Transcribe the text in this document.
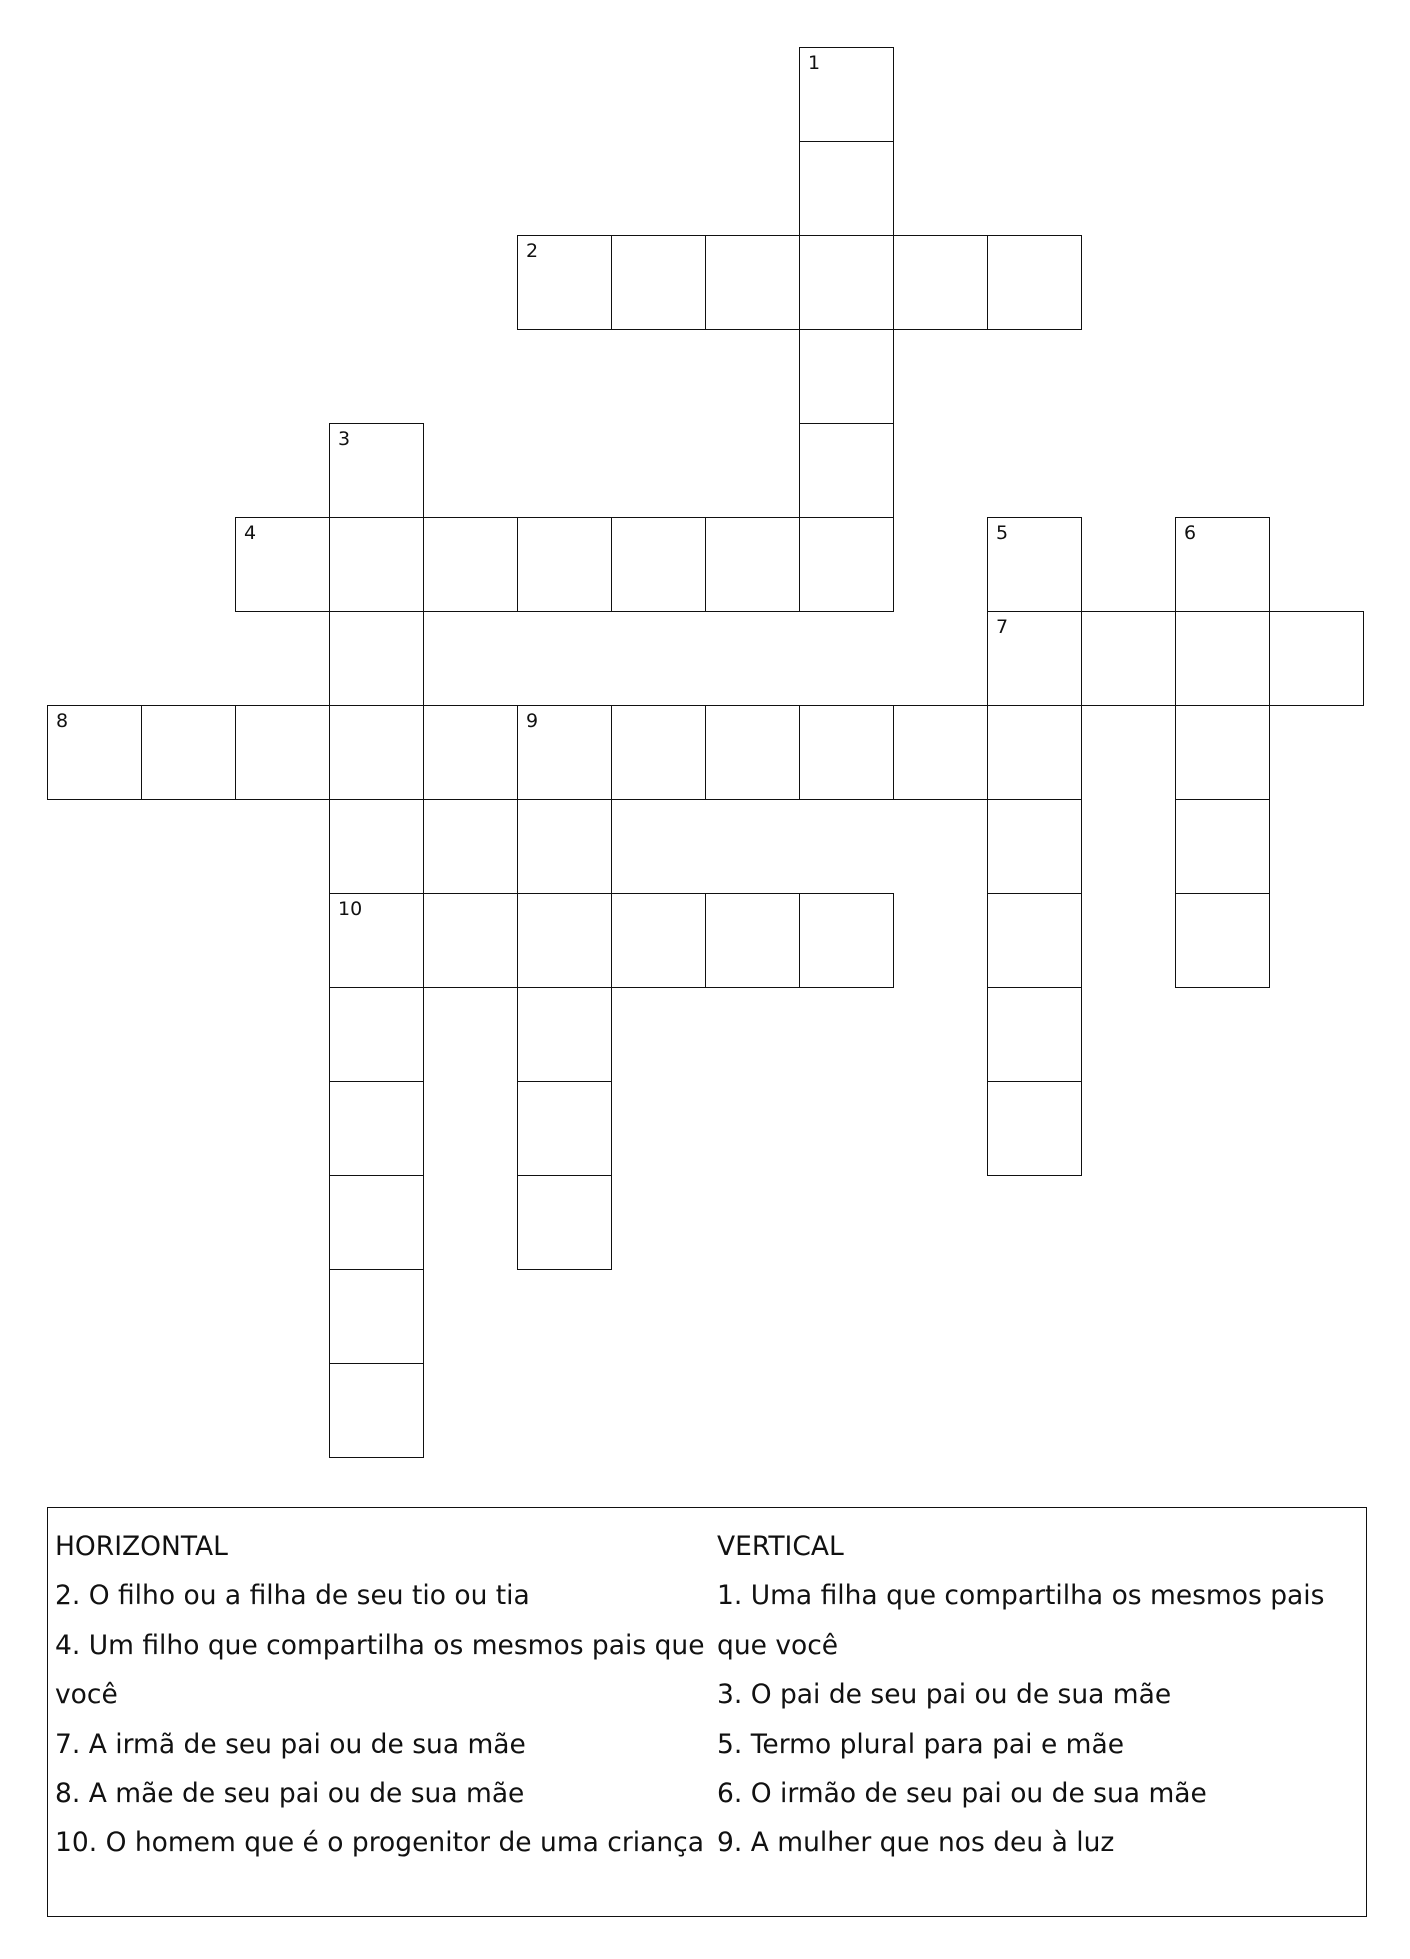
1
2
3
10
4	5
7
6
8	9
HORIZONTAL
2. O filho ou a filha de seu tio ou tia
4. Um filho que compartilha os mesmos pais que
você
7. A irmã de seu pai ou de sua mãe
8. A mãe de seu pai ou de sua mãe
10. O homem que é o progenitor de uma criança
VERTICAL
1. Uma filha que compartilha os mesmos pais
que você
3. O pai de seu pai ou de sua mãe
5. Termo plural para pai e mãe
6. O irmão de seu pai ou de sua mãe
9. A mulher que nos deu à luz
